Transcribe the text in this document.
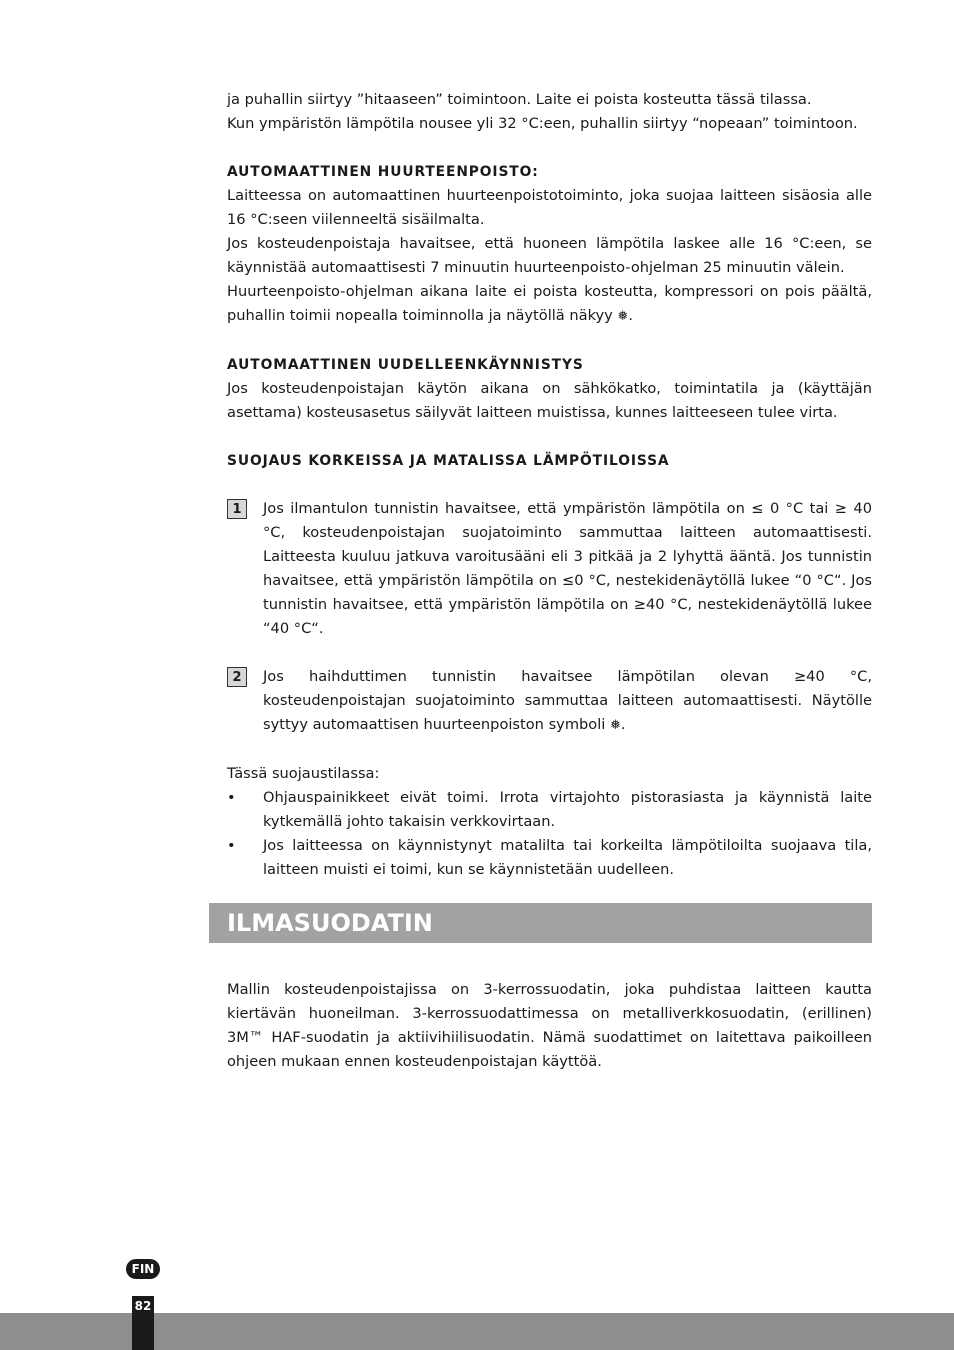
ja puhallin siirtyy ”hitaaseen” toimintoon. Laite ei poista kosteutta tässä tilassa.

Kun ympäristön lämpötila nousee yli 32 °C:een, puhallin siirtyy “nopeaan” toimintoon.

AUTOMAATTINEN HUURTEENPOISTO:

Laitteessa on automaattinen huurteenpoistotoiminto, joka suojaa laitteen sisäosia alle 16 °C:seen viilenneeltä sisäilmalta.

Jos kosteudenpoistaja havaitsee, että huoneen lämpötila laskee alle 16 °C:een, se käynnistää automaattisesti 7 minuutin huurteenpoisto-ohjelman 25 minuutin välein.

Huurteenpoisto-ohjelman aikana laite ei poista kosteutta, kompressori on pois päältä, puhallin toimii nopealla toiminnolla ja näytöllä näkyy ❅.

AUTOMAATTINEN UUDELLEENKÄYNNISTYS

Jos kosteudenpoistajan käytön aikana on sähkökatko, toimintatila ja (käyttäjän asettama) kosteusasetus säilyvät laitteen muistissa, kunnes laitteeseen tulee virta.

SUOJAUS KORKEISSA JA MATALISSA LÄMPÖTILOISSA

1	Jos ilmantulon tunnistin havaitsee, että ympäristön lämpötila on ≤ 0 °C tai ≥ 40 °C, kosteudenpoistajan suojatoiminto sammuttaa laitteen automaattisesti. Laitteesta kuuluu jatkuva varoitusääni eli 3 pitkää ja 2 lyhyttä ääntä. Jos tunnistin havaitsee, että ympäristön lämpötila on ≤0 °C, nestekidenäytöllä lukee “0 °C“. Jos tunnistin havaitsee, että ympäristön lämpötila on ≥40 °C, nestekidenäytöllä lukee “40 °C“.

2	Jos haihduttimen tunnistin havaitsee lämpötilan olevan ≥40 °C, kosteudenpoistajan suojatoiminto sammuttaa laitteen automaattisesti. Näytölle syttyy automaattisen huurteenpoiston symboli ❅.

Tässä suojaustilassa:

• Ohjauspainikkeet eivät toimi. Irrota virtajohto pistorasiasta ja käynnistä laite kytkemällä johto takaisin verkkovirtaan.

• Jos laitteessa on käynnistynyt matalilta tai korkeilta lämpötiloilta suojaava tila, laitteen muisti ei toimi, kun se käynnistetään uudelleen.

ILMASUODATIN

Mallin kosteudenpoistajissa on 3-kerrossuodatin, joka puhdistaa laitteen kautta kiertävän huoneilman. 3-kerrossuodattimessa on metalliverkkosuodatin, (erillinen) 3M™ HAF-suodatin ja aktiivihiilisuodatin. Nämä suodattimet on laitettava paikoilleen ohjeen mukaan ennen kosteudenpoistajan käyttöä.

FIN
82
